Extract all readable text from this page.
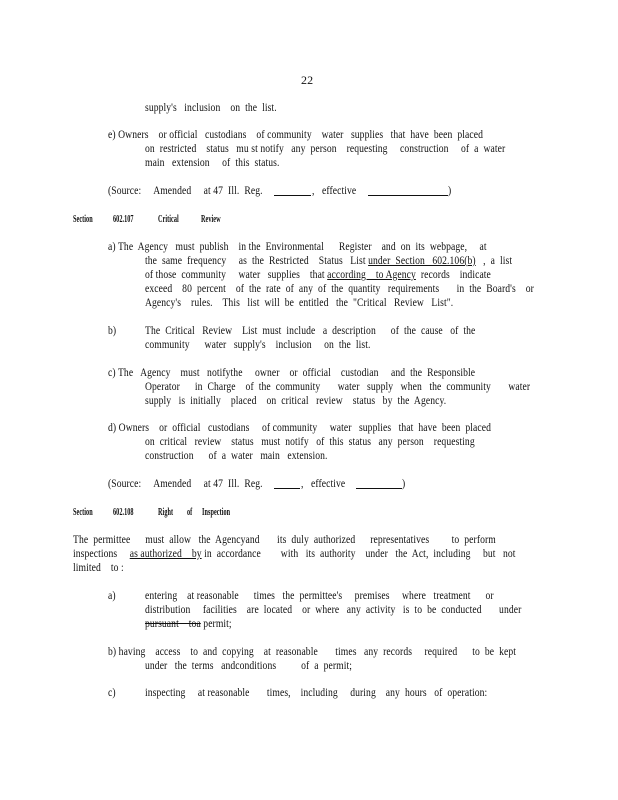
22
supply's   inclusion    on  the  list.
e) Owners    or official   custodians    of community    water   supplies   that  have  been  placed
on  restricted    status   mu st notify   any  person    requesting     construction     of  a  water
main   extension     of  this  status.
(Source:     Amended     at 47  Ill.  Reg.	, effective	)
Section 602.107 Critical Review
a) The  Agency   must  publish    in the  Environmental      Register    and  on  its  webpage,     at
the  same  frequency     as  the  Restricted    Status   List under  Section   602.106(b)   ,  a  list
of those  community     water   supplies    that according    to Agency  records    indicate
exceed    80  percent    of  the  rate  of  any  of  the  quantity   requirements       in  the  Board's    or
Agency's    rules.    This   list  will  be  entitled   the  "Critical   Review   List".
b)	The  Critical   Review    List  must  include   a  description      of  the  cause   of  the
community      water   supply's    inclusion     on  the  list.
c) The   Agency    must   notifythe     owner    or  official    custodian     and  the  Responsible
Operator      in  Charge    of  the  community       water   supply   when   the  community       water
supply   is  initially    placed    on  critical   review    status   by  the  Agency.
d) Owners    or  official   custodians     of community     water   supplies   that  have  been  placed
on  critical   review    status   must  notify   of  this  status   any  person    requesting
construction      of  a  water   main   extension.
(Source:     Amended     at 47  Ill.  Reg.	, effective	)
Section 602.108 Right of Inspection
The  permittee      must  allow   the  Agencyand       its  duly  authorized      representatives         to  perform
inspections     as authorized    by in  accordance        with   its  authority    under   the  Act,  including     but   not
limited    to :
a)	entering    at reasonable      times   the  permittee's     premises     where   treatment      or
distribution     facilities    are  located    or  where   any  activity   is  to  be  conducted       under
pursuant    toa permit;
b) having    access    to  and  copying    at  reasonable       times   any  records     required      to  be  kept
under   the  terms   andconditions          of  a  permit;
c)	inspecting     at reasonable       times,    including     during    any  hours   of  operation:
